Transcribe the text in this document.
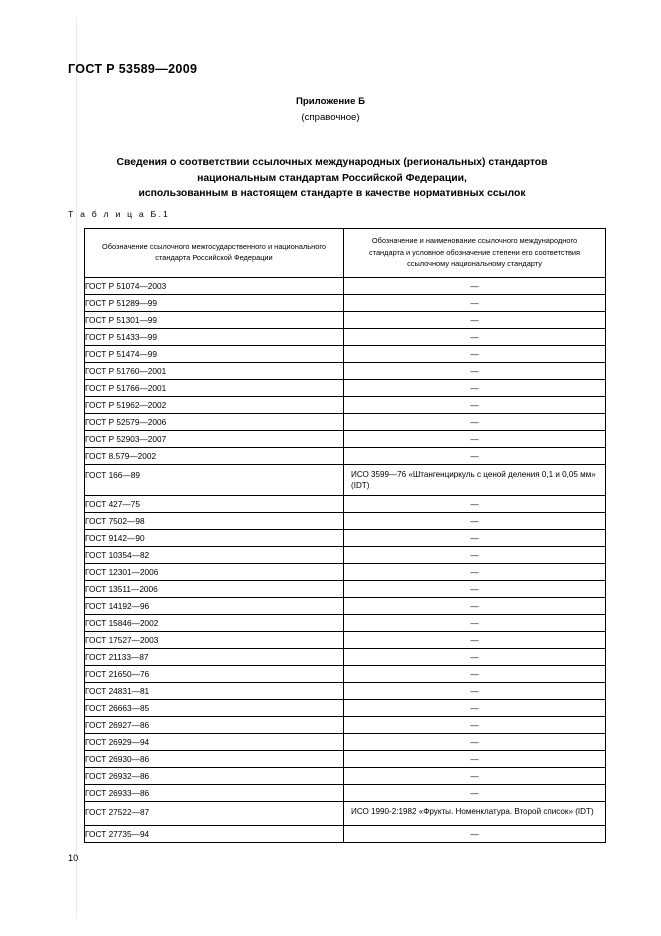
ГОСТ Р 53589—2009
Приложение Б
(справочное)
Сведения о соответствии ссылочных международных (региональных) стандартов
национальным стандартам Российской Федерации,
использованным в настоящем стандарте в качестве нормативных ссылок
Т а б л и ц а Б.1
Обозначение ссылочного межгосударственного и национального стандарта Российской Федерации	Обозначение и наименование ссылочного международного стандарта и условное обозначение степени его соответствия ссылочному национальному стандарту
ГОСТ Р 51074—2003	—
ГОСТ Р 51289—99	—
ГОСТ Р 51301—99	—
ГОСТ Р 51433—99	—
ГОСТ Р 51474—99	—
ГОСТ Р 51760—2001	—
ГОСТ Р 51766—2001	—
ГОСТ Р 51962—2002	—
ГОСТ Р 52579—2006	—
ГОСТ Р 52903—2007	—
ГОСТ 8.579—2002	—
ГОСТ 166—89	ИСО 3599—76 «Штангенциркуль с ценой деления 0,1 и 0,05 мм» (IDT)
ГОСТ 427—75	—
ГОСТ 7502—98	—
ГОСТ 9142—90	—
ГОСТ 10354—82	—
ГОСТ 12301—2006	—
ГОСТ 13511—2006	—
ГОСТ 14192—96	—
ГОСТ 15846—2002	—
ГОСТ 17527—2003	—
ГОСТ 21133—87	—
ГОСТ 21650—76	—
ГОСТ 24831—81	—
ГОСТ 26663—85	—
ГОСТ 26927—86	—
ГОСТ 26929—94	—
ГОСТ 26930—86	—
ГОСТ 26932—86	—
ГОСТ 26933—86	—
ГОСТ 27522—87	ИСО 1990-2:1982 «Фрукты. Номенклатура. Второй список» (IDT)
ГОСТ 27735—94	—
10
